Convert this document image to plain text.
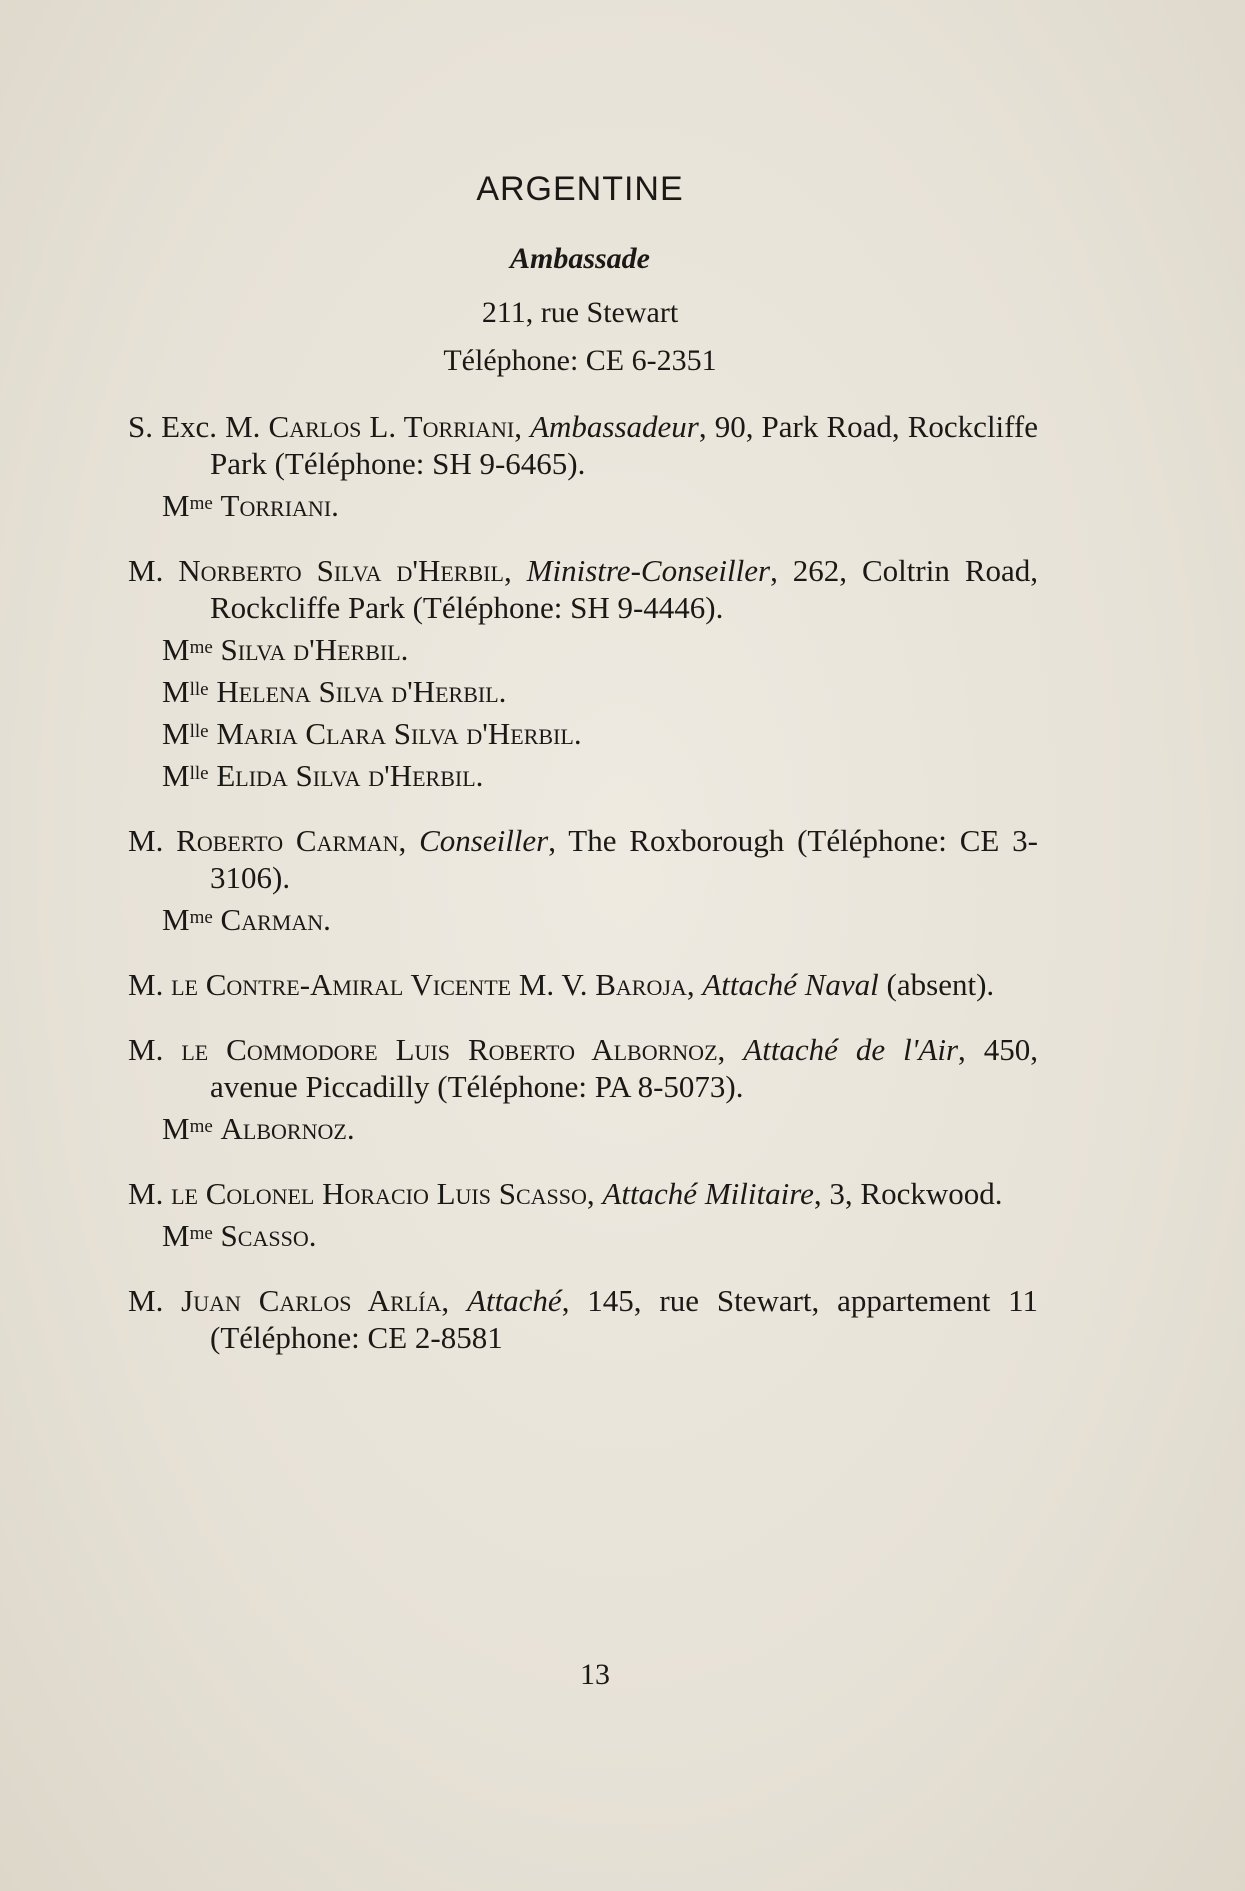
ARGENTINE
Ambassade
211, rue Stewart
Téléphone: CE 6-2351
S. Exc. M. Carlos L. Torriani, Ambassadeur, 90, Park Road, Rockcliffe Park (Téléphone: SH 9-6465).
$M^{me}$ Torriani.
M. Norberto Silva d'Herbil, Ministre-Conseiller, 262, Coltrin Road, Rockcliffe Park (Téléphone: SH 9-4446).
$M^{me}$ Silva d'Herbil.
$M^{lle}$ Helena Silva d'Herbil.
$M^{lle}$ Maria Clara Silva d'Herbil.
$M^{lle}$ Elida Silva d'Herbil.
M. Roberto Carman, Conseiller, The Roxborough (Téléphone: CE 3-3106).
$M^{me}$ Carman.
M. le Contre-Amiral Vicente M. V. Baroja, Attaché Naval (absent).
M. le Commodore Luis Roberto Albornoz, Attaché de l'Air, 450, avenue Piccadilly (Téléphone: PA 8-5073).
$M^{me}$ Albornoz.
M. le Colonel Horacio Luis Scasso, Attaché Militaire, 3, Rockwood.
$M^{me}$ Scasso.
M. Juan Carlos Arlía, Attaché, 145, rue Stewart, appartement 11 (Téléphone: CE 2-8581
13
